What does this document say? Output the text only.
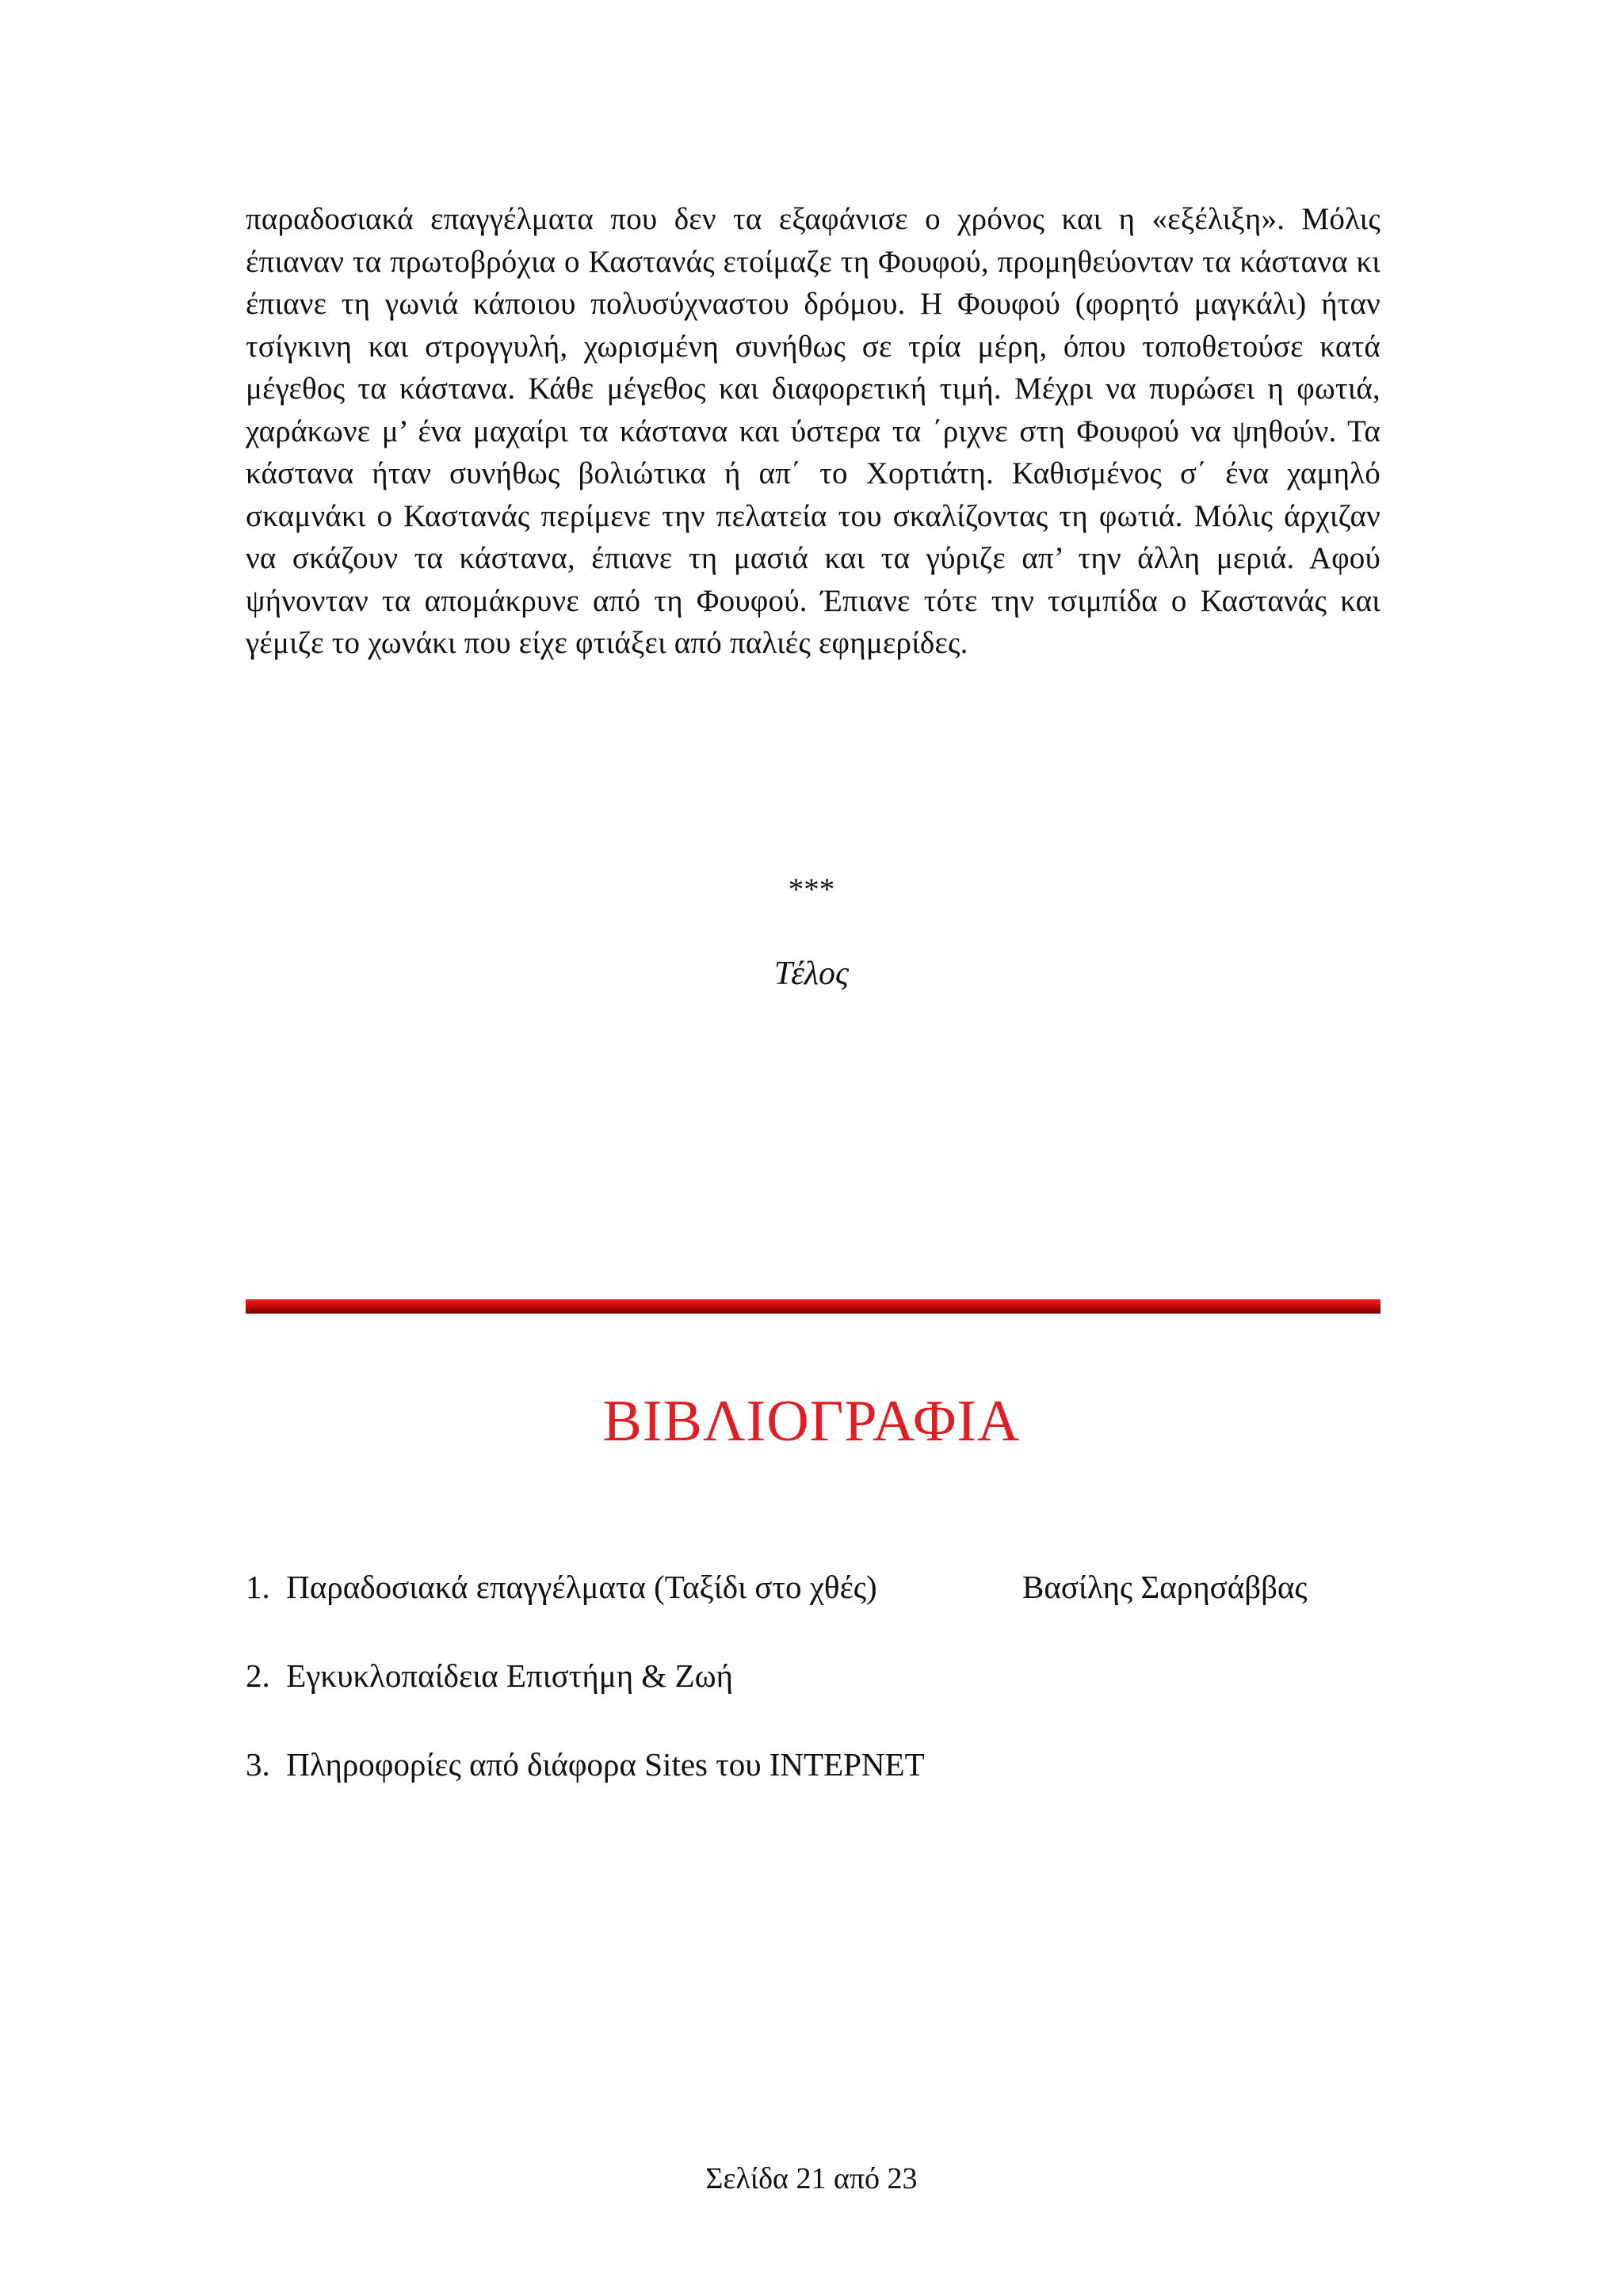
παραδοσιακά επαγγέλματα που δεν τα εξαφάνισε ο χρόνος και η «εξέλιξη». Μόλις έπιαναν τα πρωτοβρόχια ο Καστανάς ετοίμαζε τη Φουφού, προμηθεύονταν τα κάστανα κι έπιανε τη γωνιά κάποιου πολυσύχναστου δρόμου. Η Φουφού (φορητό μαγκάλι) ήταν τσίγκινη και στρογγυλή, χωρισμένη συνήθως σε τρία μέρη, όπου τοποθετούσε κατά μέγεθος τα κάστανα. Κάθε μέγεθος και διαφορετική τιμή. Μέχρι να πυρώσει η φωτιά, χαράκωνε μ’ ένα μαχαίρι τα κάστανα και ύστερα τα ΄ριχνε στη Φουφού να ψηθούν. Τα κάστανα ήταν συνήθως βολιώτικα ή απ΄ το Χορτιάτη. Καθισμένος σ΄ ένα χαμηλό σκαμνάκι ο Καστανάς περίμενε την πελατεία του σκαλίζοντας τη φωτιά. Μόλις άρχιζαν να σκάζουν τα κάστανα, έπιανε τη μασιά και τα γύριζε απ’ την άλλη μεριά. Αφού ψήνονταν τα απομάκρυνε από τη Φουφού. Έπιανε τότε την τσιμπίδα ο Καστανάς και γέμιζε το χωνάκι που είχε φτιάξει από παλιές εφημερίδες.

***

Τέλος

ΒΙΒΛΙΟΓΡΑΦΙΑ
1.  Παραδοσιακά επαγγέλματα (Ταξίδι στο χθές)	Βασίλης Σαρησάββας
2.  Εγκυκλοπαίδεια Επιστήμη & Ζωή
3.  Πληροφορίες από διάφορα Sites του ΙΝΤΕΡΝΕΤ

Σελίδα 21 από 23
